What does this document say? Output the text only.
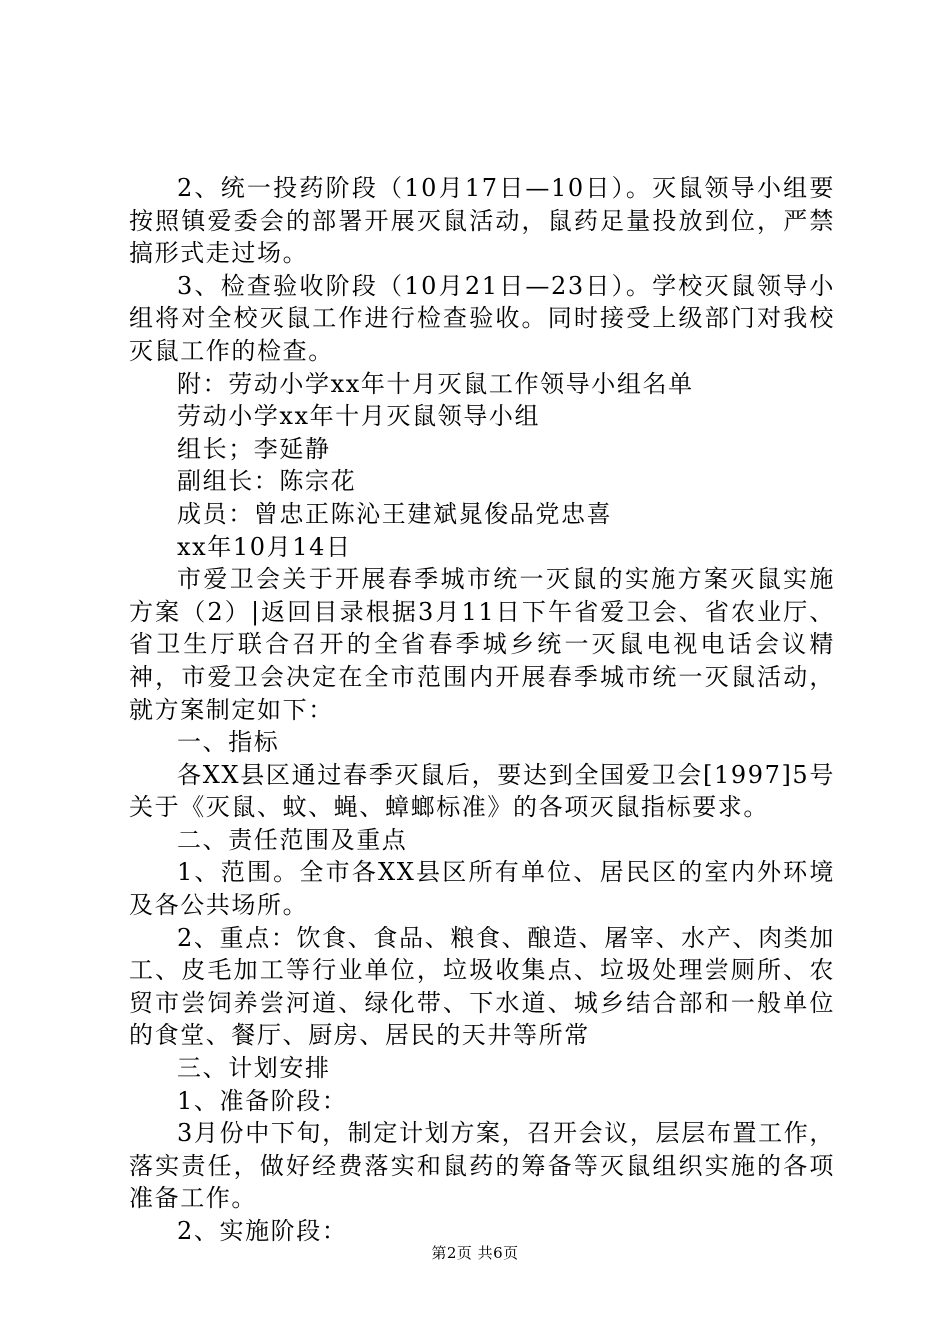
2、统一投药阶段（10月17日—10日）。灭鼠领导小组要按照镇爱委会的部署开展灭鼠活动，鼠药足量投放到位，严禁搞形式走过场。

3、检查验收阶段（10月21日—23日）。学校灭鼠领导小组将对全校灭鼠工作进行检查验收。同时接受上级部门对我校灭鼠工作的检查。

附：劳动小学xx年十月灭鼠工作领导小组名单

劳动小学xx年十月灭鼠领导小组

组长；李延静

副组长：陈宗花

成员：曾忠正陈沁王建斌晁俊品党忠喜

xx年10月14日

市爱卫会关于开展春季城市统一灭鼠的实施方案灭鼠实施方案（2）|返回目录根据3月11日下午省爱卫会、省农业厅、省卫生厅联合召开的全省春季城乡统一灭鼠电视电话会议精神，市爱卫会决定在全市范围内开展春季城市统一灭鼠活动，就方案制定如下：

一、指标

各XX县区通过春季灭鼠后，要达到全国爱卫会[1997]5号关于《灭鼠、蚊、蝇、蟑螂标准》的各项灭鼠指标要求。

二、责任范围及重点

1、范围。全市各XX县区所有单位、居民区的室内外环境及各公共场所。

2、重点：饮食、食品、粮食、酿造、屠宰、水产、肉类加工、皮毛加工等行业单位，垃圾收集点、垃圾处理尝厕所、农贸市尝饲养尝河道、绿化带、下水道、城乡结合部和一般单位的食堂、餐厅、厨房、居民的天井等所常

三、计划安排

1、准备阶段：

3月份中下旬，制定计划方案，召开会议，层层布置工作，落实责任，做好经费落实和鼠药的筹备等灭鼠组织实施的各项准备工作。

2、实施阶段：

第2页 共6页
